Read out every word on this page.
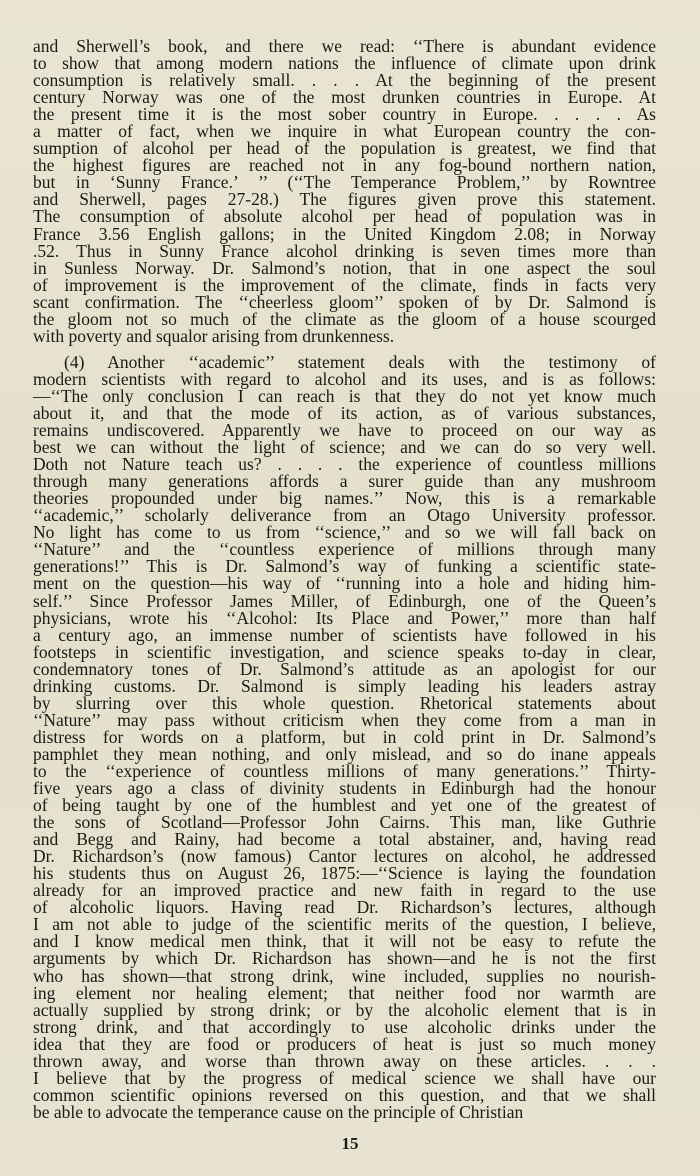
and Sherwell’s book, and there we read: ‘‘There is abundant evidence
to show that among modern nations the influence of climate upon drink
consumption is relatively small. . . . At the beginning of the present
century Norway was one of the most drunken countries in Europe. At
the present time it is the most sober country in Europe. . . . . As
a matter of fact, when we inquire in what European country the con-
sumption of alcohol per head of the population is greatest, we find that
the highest figures are reached not in any fog-bound northern nation,
but in ‘Sunny France.’ ’’ (‘‘The Temperance Problem,’’ by Rowntree
and Sherwell, pages 27-28.) The figures given prove this statement.
The consumption of absolute alcohol per head of population was in
France 3.56 English gallons; in the United Kingdom 2.08; in Norway
.52. Thus in Sunny France alcohol drinking is seven times more than
in Sunless Norway. Dr. Salmond’s notion, that in one aspect the soul
of improvement is the improvement of the climate, finds in facts very
scant confirmation. The ‘‘cheerless gloom’’ spoken of by Dr. Salmond is
the gloom not so much of the climate as the gloom of a house scourged
with poverty and squalor arising from drunkenness.
(4) Another ‘‘academic’’ statement deals with the testimony of
modern scientists with regard to alcohol and its uses, and is as follows:
—‘‘The only conclusion I can reach is that they do not yet know much
about it, and that the mode of its action, as of various substances,
remains undiscovered. Apparently we have to proceed on our way as
best we can without the light of science; and we can do so very well.
Doth not Nature teach us? . . . . the experience of countless millions
through many generations affords a surer guide than any mushroom
theories propounded under big names.’’ Now, this is a remarkable
‘‘academic,’’ scholarly deliverance from an Otago University professor.
No light has come to us from ‘‘science,’’ and so we will fall back on
‘‘Nature’’ and the ‘‘countless experience of millions through many
generations!’’ This is Dr. Salmond’s way of funking a scientific state-
ment on the question—his way of ‘‘running into a hole and hiding him-
self.’’ Since Professor James Miller, of Edinburgh, one of the Queen’s
physicians, wrote his ‘‘Alcohol: Its Place and Power,’’ more than half
a century ago, an immense number of scientists have followed in his
footsteps in scientific investigation, and science speaks to-day in clear,
condemnatory tones of Dr. Salmond’s attitude as an apologist for our
drinking customs. Dr. Salmond is simply leading his leaders astray
by slurring over this whole question. Rhetorical statements about
‘‘Nature’’ may pass without criticism when they come from a man in
distress for words on a platform, but in cold print in Dr. Salmond’s
pamphlet they mean nothing, and only mislead, and so do inane appeals
to the ‘‘experience of countless millions of many generations.’’ Thirty-
five years ago a class of divinity students in Edinburgh had the honour
of being taught by one of the humblest and yet one of the greatest of
the sons of Scotland—Professor John Cairns. This man, like Guthrie
and Begg and Rainy, had become a total abstainer, and, having read
Dr. Richardson’s (now famous) Cantor lectures on alcohol, he addressed
his students thus on August 26, 1875:—‘‘Science is laying the foundation
already for an improved practice and new faith in regard to the use
of alcoholic liquors. Having read Dr. Richardson’s lectures, although
I am not able to judge of the scientific merits of the question, I believe,
and I know medical men think, that it will not be easy to refute the
arguments by which Dr. Richardson has shown—and he is not the first
who has shown—that strong drink, wine included, supplies no nourish-
ing element nor healing element; that neither food nor warmth are
actually supplied by strong drink; or by the alcoholic element that is in
strong drink, and that accordingly to use alcoholic drinks under the
idea that they are food or producers of heat is just so much money
thrown away, and worse than thrown away on these articles. . . .
I believe that by the progress of medical science we shall have our
common scientific opinions reversed on this question, and that we shall
be able to advocate the temperance cause on the principle of Christian
15
